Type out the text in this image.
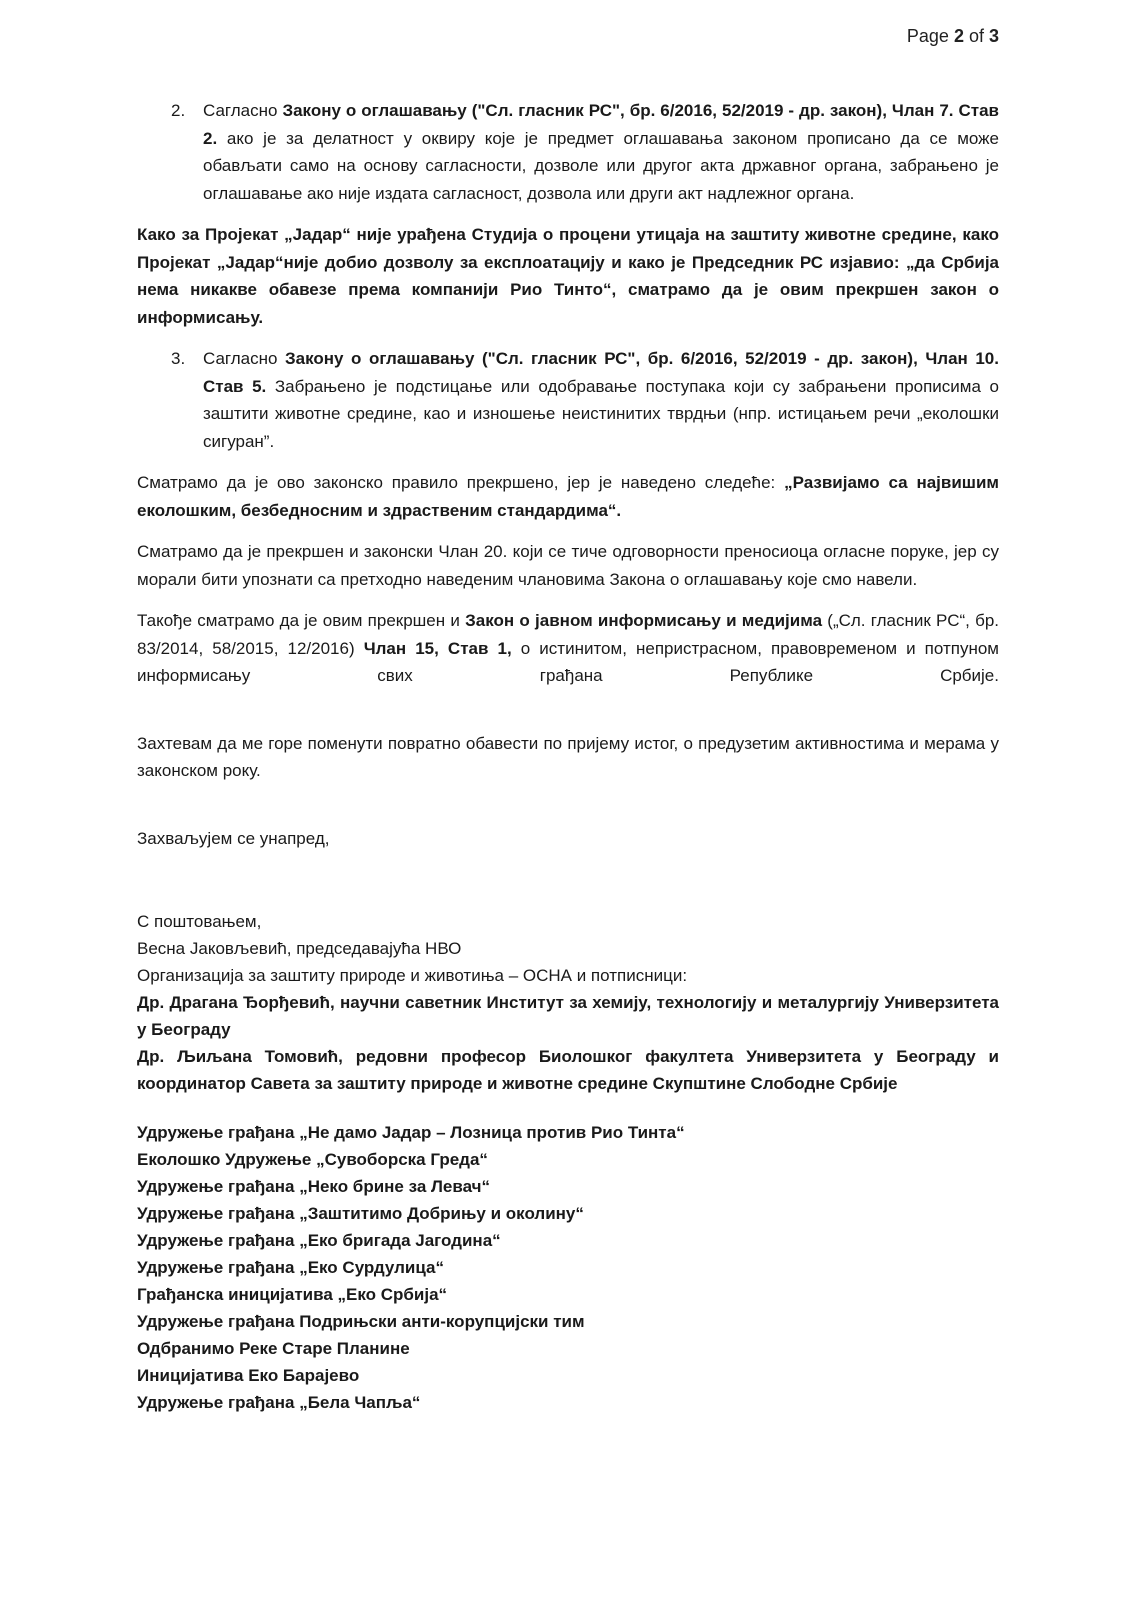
Page 2 of 3
2.	Сагласно Закону о оглашавању ("Сл. гласник РС", бр. 6/2016, 52/2019 - др. закон), Члан 7. Став 2. ако је за делатност у оквиру које је предмет оглашавања законом прописано да се може обављати само на основу сагласности, дозволе или другог акта државног органа, забрањено је оглашавање ако није издата сагласност, дозвола или други акт надлежног органа.

Како за Пројекат „Јадар“ није урађена Студија о процени утицаја на заштиту животне средине, како Пројекат „Јадар“није добио дозволу за експлоатацију и како је Председник РС изјавио: „да Србија нема никакве обавезе према компанији Рио Тинто“, сматрамо да је овим прекршен закон о информисању.

3.	Сагласно Закону о оглашавању ("Сл. гласник РС", бр. 6/2016, 52/2019 - др. закон), Члан 10. Став 5. Забрањено је подстицање или одобравање поступака који су забрањени прописима о заштити животне средине, као и изношење неистинитих тврдњи (нпр. истицањем речи „еколошки сигуран”.

Сматрамо да је ово законско правило прекршено, јер је наведено следеће: „Развијамо са највишим еколошким, безбедносним и здраственим стандардима“.

Сматрамо да је прекршен и законски Члан 20. који се тиче одговорности преносиоца огласне поруке, јер су морали бити упознати са претходно наведеним члановима Закона о оглашавању које смо навели.

Такође сматрамо да је овим прекршен и Закон о јавном информисању и медијима („Сл. гласник РС“, бр. 83/2014, 58/2015, 12/2016) Члан 15, Став 1, о истинитом, непристрасном, правовременом и потпуном информисању свих грађана Републике Србије.

Захтевам да ме горе поменути повратно обавести по пријему истог, о предузетим активностима и мерама у законском року.

Захваљујем се унапред,

С поштовањем,

Весна Јаковљевић, председавајућа НВО

Организација за заштиту природе и животиња – ОСНА и потписници:

Др. Драгана Ђорђевић, научни саветник Институт за хемију, технологију и металургију Универзитета у Београду

Др. Љиљана Томовић, редовни професор Биолошког факултета Универзитета у Београду и координатор Савета за заштиту природе и животне средине Скупштине Слободне Србије

Удружење грађана „Не дамо Јадар – Лозница против Рио Тинта“

Еколошко Удружење „Сувоборска Греда“

Удружење грађана „Неко брине за Левач“

Удружење грађана „Заштитимо Добрињу и околину“

Удружење грађана „Еко бригада Јагодина“

Удружење грађана „Еко Сурдулица“

Грађанска иницијатива „Еко Србија“

Удружење грађана Подрињски анти-корупцијски тим

Одбранимо Реке Старе Планине

Иницијатива Еко Барајево

Удружење грађана „Бела Чапља“
